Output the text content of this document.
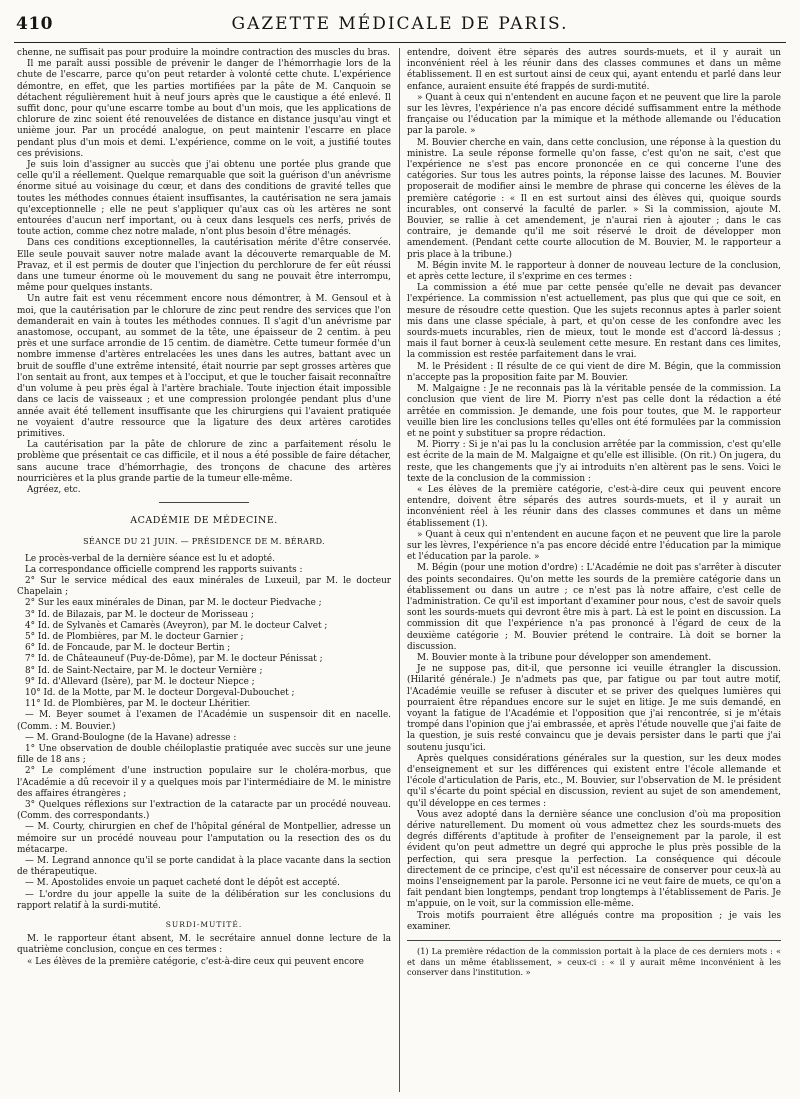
410	GAZETTE MÉDICALE DE PARIS.

chenne, ne suffisait pas pour produire la moindre contraction des muscles du bras.

Il me paraît aussi possible de prévenir le danger de l'hémorrhagie lors de la chute de l'escarre, parce qu'on peut retarder à volonté cette chute. L'expérience démontre, en effet, que les parties mortifiées par la pâte de M. Canquoin se détachent régulièrement huit à neuf jours après que le caustique a été enlevé. Il suffit donc, pour qu'une escarre tombe au bout d'un mois, que les applications de chlorure de zinc soient été renouvelées de distance en distance jusqu'au vingt et unième jour. Par un procédé analogue, on peut maintenir l'escarre en place pendant plus d'un mois et demi. L'expérience, comme on le voit, a justifié toutes ces prévisions.

Je suis loin d'assigner au succès que j'ai obtenu une portée plus grande que celle qu'il a réellement. Quelque remarquable que soit la guérison d'un anévrisme énorme situé au voisinage du cœur, et dans des conditions de gravité telles que toutes les méthodes connues étaient insuffisantes, la cautérisation ne sera jamais qu'exceptionnelle ; elle ne peut s'appliquer qu'aux cas où les artères ne sont entourées d'aucun nerf important, ou à ceux dans lesquels ces nerfs, privés de toute action, comme chez notre malade, n'ont plus besoin d'être ménagés.

Dans ces conditions exceptionnelles, la cautérisation mérite d'être conservée. Elle seule pouvait sauver notre malade avant la découverte remarquable de M. Pravaz, et il est permis de douter que l'injection du perchlorure de fer eût réussi dans une tumeur énorme où le mouvement du sang ne pouvait être interrompu, même pour quelques instants.

Un autre fait est venu récemment encore nous démontrer, à M. Gensoul et à moi, que la cautérisation par le chlorure de zinc peut rendre des services que l'on demanderait en vain à toutes les méthodes connues. Il s'agit d'un anévrisme par anastomose, occupant, au sommet de la tête, une épaisseur de 2 centim. à peu près et une surface arrondie de 15 centim. de diamètre. Cette tumeur formée d'un nombre immense d'artères entrelacées les unes dans les autres, battant avec un bruit de souffle d'une extrême intensité, était nourrie par sept grosses artères que l'on sentait au front, aux tempes et à l'occiput, et que le toucher faisait reconnaître d'un volume à peu près égal à l'artère brachiale. Toute injection était impossible dans ce lacis de vaisseaux ; et une compression prolongée pendant plus d'une année avait été tellement insuffisante que les chirurgiens qui l'avaient pratiquée ne voyaient d'autre ressource que la ligature des deux artères carotides primitives.

La cautérisation par la pâte de chlorure de zinc a parfaitement résolu le problème que présentait ce cas difficile, et il nous a été possible de faire détacher, sans aucune trace d'hémorrhagie, des tronçons de chacune des artères nourricières et la plus grande partie de la tumeur elle-même.

Agréez, etc.

ACADÉMIE DE MÉDECINE.

SÉANCE DU 21 JUIN. — PRÉSIDENCE DE M. BÉRARD.

Le procès-verbal de la dernière séance est lu et adopté.

La correspondance officielle comprend les rapports suivants :

2° Sur le service médical des eaux minérales de Luxeuil, par M. le docteur Chapelain ;

2° Sur les eaux minérales de Dinan, par M. le docteur Piedvache ;

3° Id. de Bilazais, par M. le docteur de Morisseau ;

4° Id. de Sylvanès et Camarès (Aveyron), par M. le docteur Calvet ;

5° Id. de Plombières, par M. le docteur Garnier ;

6° Id. de Foncaude, par M. le docteur Bertin ;

7° Id. de Châteauneuf (Puy-de-Dôme), par M. le docteur Pénissat ;

8° Id. de Saint-Nectaire, par M. le docteur Vernière ;

9° Id. d'Allevard (Isère), par M. le docteur Niepce ;

10° Id. de la Motte, par M. le docteur Dorgeval-Dubouchet ;

11° Id. de Plombières, par M. le docteur Lhéritier.

— M. Beyer soumet à l'examen de l'Académie un suspensoir dit en nacelle. (Comm. : M. Bouvier.)

— M. Grand-Boulogne (de la Havane) adresse :

1° Une observation de double chéiloplastie pratiquée avec succès sur une jeune fille de 18 ans ;

2° Le complément d'une instruction populaire sur le choléra-morbus, que l'Académie a dû recevoir il y a quelques mois par l'intermédiaire de M. le ministre des affaires étrangères ;

3° Quelques réflexions sur l'extraction de la cataracte par un procédé nouveau. (Comm. des correspondants.)

— M. Courty, chirurgien en chef de l'hôpital général de Montpellier, adresse un mémoire sur un procédé nouveau pour l'amputation ou la resection des os du métacarpe.

— M. Legrand annonce qu'il se porte candidat à la place vacante dans la section de thérapeutique.

— M. Apostolides envoie un paquet cacheté dont le dépôt est accepté.

— L'ordre du jour appelle la suite de la délibération sur les conclusions du rapport relatif à la surdi-mutité.

SURDI-MUTITÉ.

M. le rapporteur étant absent, M. le secrétaire annuel donne lecture de la quatrième conclusion, conçue en ces termes :

« Les élèves de la première catégorie, c'est-à-dire ceux qui peuvent encore

entendre, doivent être séparés des autres sourds-muets, et il y aurait un inconvénient réel à les réunir dans des classes communes et dans un même établissement. Il en est surtout ainsi de ceux qui, ayant entendu et parlé dans leur enfance, auraient ensuite été frappés de surdi-mutité.

» Quant à ceux qui n'entendent en aucune façon et ne peuvent que lire la parole sur les lèvres, l'expérience n'a pas encore décidé suffisamment entre la méthode française ou l'éducation par la mimique et la méthode allemande ou l'éducation par la parole. »

M. Bouvier cherche en vain, dans cette conclusion, une réponse à la question du ministre. La seule réponse formelle qu'on fasse, c'est qu'on ne sait, c'est que l'expérience ne s'est pas encore prononcée en ce qui concerne l'une des catégories. Sur tous les autres points, la réponse laisse des lacunes. M. Bouvier proposerait de modifier ainsi le membre de phrase qui concerne les élèves de la première catégorie : « Il en est surtout ainsi des élèves qui, quoique sourds incurables, ont conservé la faculté de parler. » Si la commission, ajoute M. Bouvier, se rallie à cet amendement, je n'aurai rien à ajouter ; dans le cas contraire, je demande qu'il me soit réservé le droit de développer mon amendement. (Pendant cette courte allocution de M. Bouvier, M. le rapporteur a pris place à la tribune.)

M. Bégin invite M. le rapporteur à donner de nouveau lecture de la conclusion, et après cette lecture, il s'exprime en ces termes :

La commission a été mue par cette pensée qu'elle ne devait pas devancer l'expérience. La commission n'est actuellement, pas plus que qui que ce soit, en mesure de résoudre cette question. Que les sujets reconnus aptes à parler soient mis dans une classe spéciale, à part, et qu'on cesse de les confondre avec les sourds-muets incurables, rien de mieux, tout le monde est d'accord là-dessus ; mais il faut borner à ceux-là seulement cette mesure. En restant dans ces limites, la commission est restée parfaitement dans le vrai.

M. le Président : Il résulte de ce qui vient de dire M. Bégin, que la commission n'accepte pas la proposition faite par M. Bouvier.

M. Malgaigne : Je ne reconnais pas là la véritable pensée de la commission. La conclusion que vient de lire M. Piorry n'est pas celle dont la rédaction a été arrêtée en commission. Je demande, une fois pour toutes, que M. le rapporteur veuille bien lire les conclusions telles qu'elles ont été formulées par la commission et ne point y substituer sa propre rédaction.

M. Piorry : Si je n'ai pas lu la conclusion arrêtée par la commission, c'est qu'elle est écrite de la main de M. Malgaigne et qu'elle est illisible. (On rit.) On jugera, du reste, que les changements que j'y ai introduits n'en altèrent pas le sens. Voici le texte de la conclusion de la commission :

« Les élèves de la première catégorie, c'est-à-dire ceux qui peuvent encore entendre, doivent être séparés des autres sourds-muets, et il y aurait un inconvénient réel à les réunir dans des classes communes et dans un même établissement (1).

» Quant à ceux qui n'entendent en aucune façon et ne peuvent que lire la parole sur les lèvres, l'expérience n'a pas encore décidé entre l'éducation par la mimique et l'éducation par la parole. »

M. Bégin (pour une motion d'ordre) : L'Académie ne doit pas s'arrêter à discuter des points secondaires. Qu'on mette les sourds de la première catégorie dans un établissement ou dans un autre ; ce n'est pas là notre affaire, c'est celle de l'administration. Ce qu'il est important d'examiner pour nous, c'est de savoir quels sont les sourds-muets qui devront être mis à part. Là est le point en discussion. La commission dit que l'expérience n'a pas prononcé à l'égard de ceux de la deuxième catégorie ; M. Bouvier prétend le contraire. Là doit se borner la discussion.

M. Bouvier monte à la tribune pour développer son amendement.

Je ne suppose pas, dit-il, que personne ici veuille étrangler la discussion. (Hilarité générale.) Je n'admets pas que, par fatigue ou par tout autre motif, l'Académie veuille se refuser à discuter et se priver des quelques lumières qui pourraient être répandues encore sur le sujet en litige. Je me suis demandé, en voyant la fatigue de l'Académie et l'opposition que j'ai rencontrée, si je m'étais trompé dans l'opinion que j'ai embrassée, et après l'étude nouvelle que j'ai faite de la question, je suis resté convaincu que je devais persister dans le parti que j'ai soutenu jusqu'ici.

Après quelques considérations générales sur la question, sur les deux modes d'enseignement et sur les différences qui existent entre l'école allemande et l'école d'articulation de Paris, etc., M. Bouvier, sur l'observation de M. le président qu'il s'écarte du point spécial en discussion, revient au sujet de son amendement, qu'il développe en ces termes :

Vous avez adopté dans la dernière séance une conclusion d'où ma proposition dérive naturellement. Du moment où vous admettez chez les sourds-muets des degrés différents d'aptitude à profiter de l'enseignement par la parole, il est évident qu'on peut admettre un degré qui approche le plus près possible de la perfection, qui sera presque la perfection. La conséquence qui découle directement de ce principe, c'est qu'il est nécessaire de conserver pour ceux-là au moins l'enseignement par la parole. Personne ici ne veut faire de muets, ce qu'on a fait pendant bien longtemps, pendant trop longtemps à l'établissement de Paris. Je m'appuie, on le voit, sur la commission elle-même.

Trois motifs pourraient être allégués contre ma proposition ; je vais les examiner.

(1) La première rédaction de la commission portait à la place de ces derniers mots : « et dans un même établissement, » ceux-ci : « il y aurait même inconvénient à les conserver dans l'institution. »
